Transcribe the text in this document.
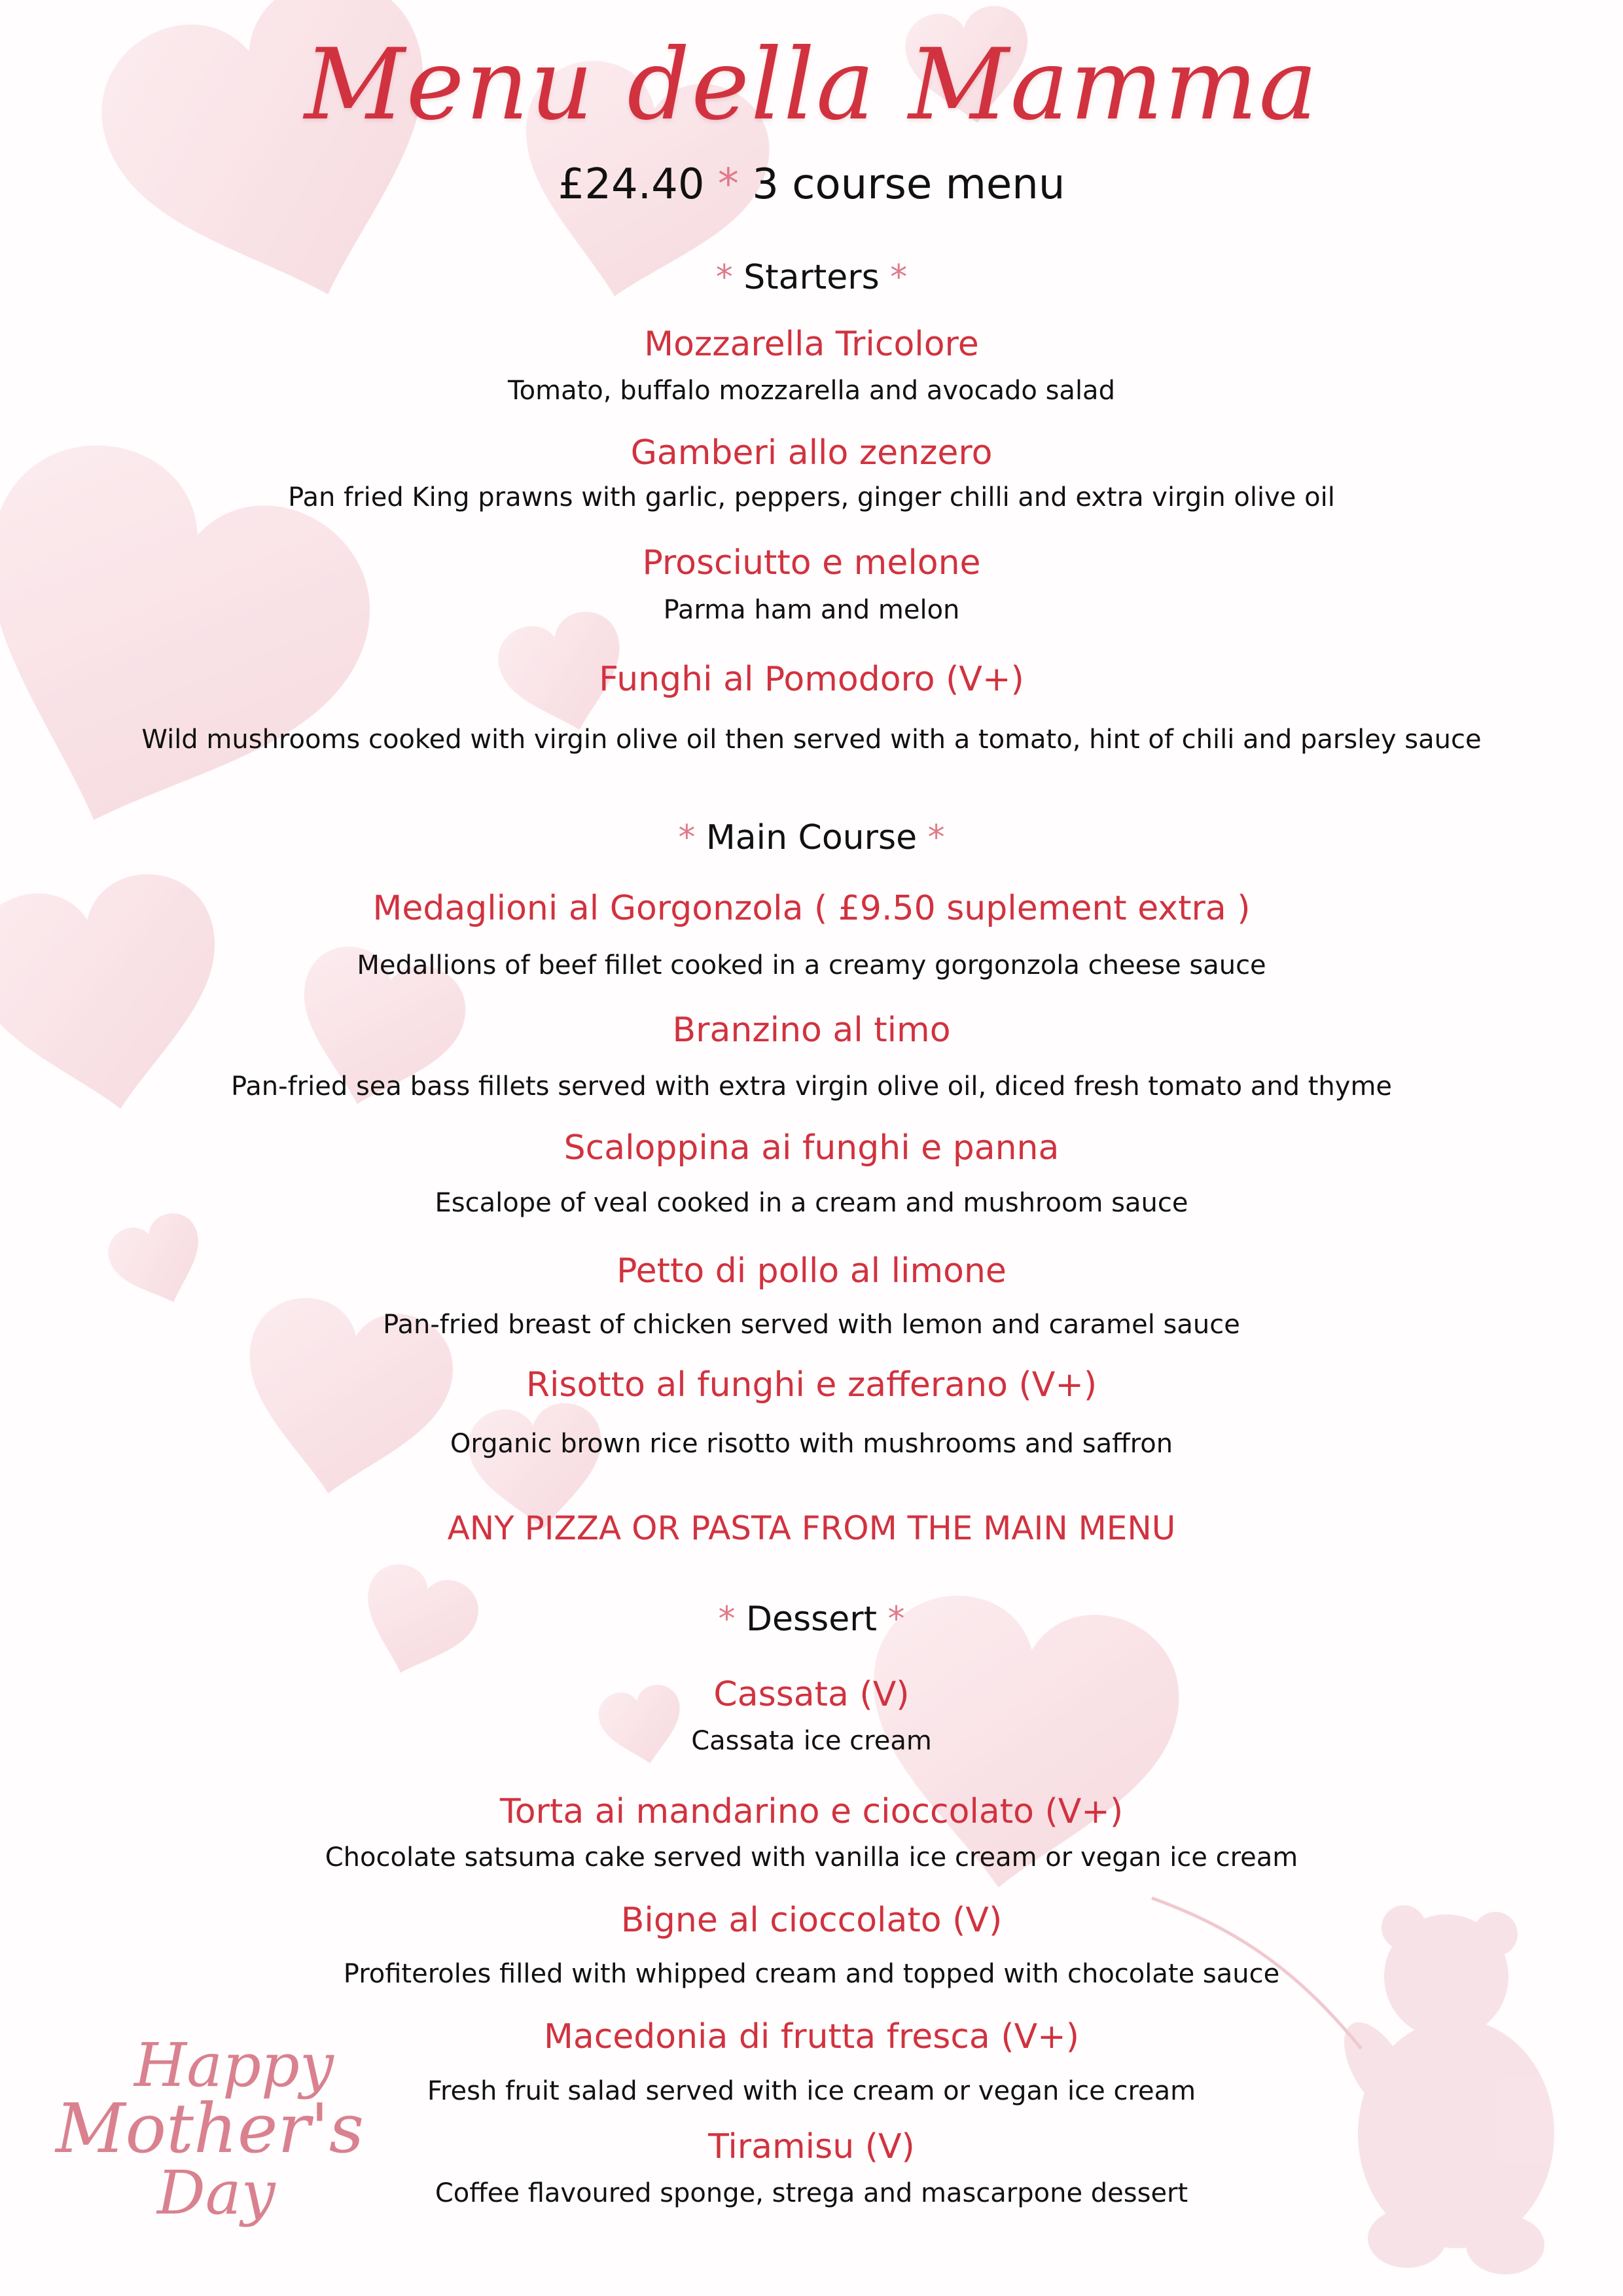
Menu della Mamma
£24.40 * 3 course menu
* Starters *
Mozzarella Tricolore
Tomato, buffalo mozzarella and avocado salad
Gamberi allo zenzero
Pan fried King prawns with garlic, peppers, ginger chilli and extra virgin olive oil
Prosciutto e melone
Parma ham and melon
Funghi al Pomodoro (V+)
Wild mushrooms cooked with virgin olive oil then served with a tomato, hint of chili and parsley sauce
* Main Course *
Medaglioni al Gorgonzola ( £9.50 suplement extra )
Medallions of beef fillet cooked in a creamy gorgonzola cheese sauce
Branzino al timo
Pan-fried sea bass fillets served with extra virgin olive oil, diced fresh tomato and thyme
Scaloppina ai funghi e panna
Escalope of veal cooked in a cream and mushroom sauce
Petto di pollo al limone
Pan-fried breast of chicken served with lemon and caramel sauce
Risotto al funghi e zafferano (V+)
Organic brown rice risotto with mushrooms and saffron
ANY PIZZA OR PASTA FROM THE MAIN MENU
* Dessert *
Cassata (V)
Cassata ice cream
Torta ai mandarino e cioccolato (V+)
Chocolate satsuma cake served with vanilla ice cream or vegan ice cream
Bigne al cioccolato (V)
Profiteroles filled with whipped cream and topped with chocolate sauce
Macedonia di frutta fresca (V+)
Fresh fruit salad served with ice cream or vegan ice cream
Tiramisu (V)
Coffee flavoured sponge, strega and mascarpone dessert
Happy
Mother's
Day
